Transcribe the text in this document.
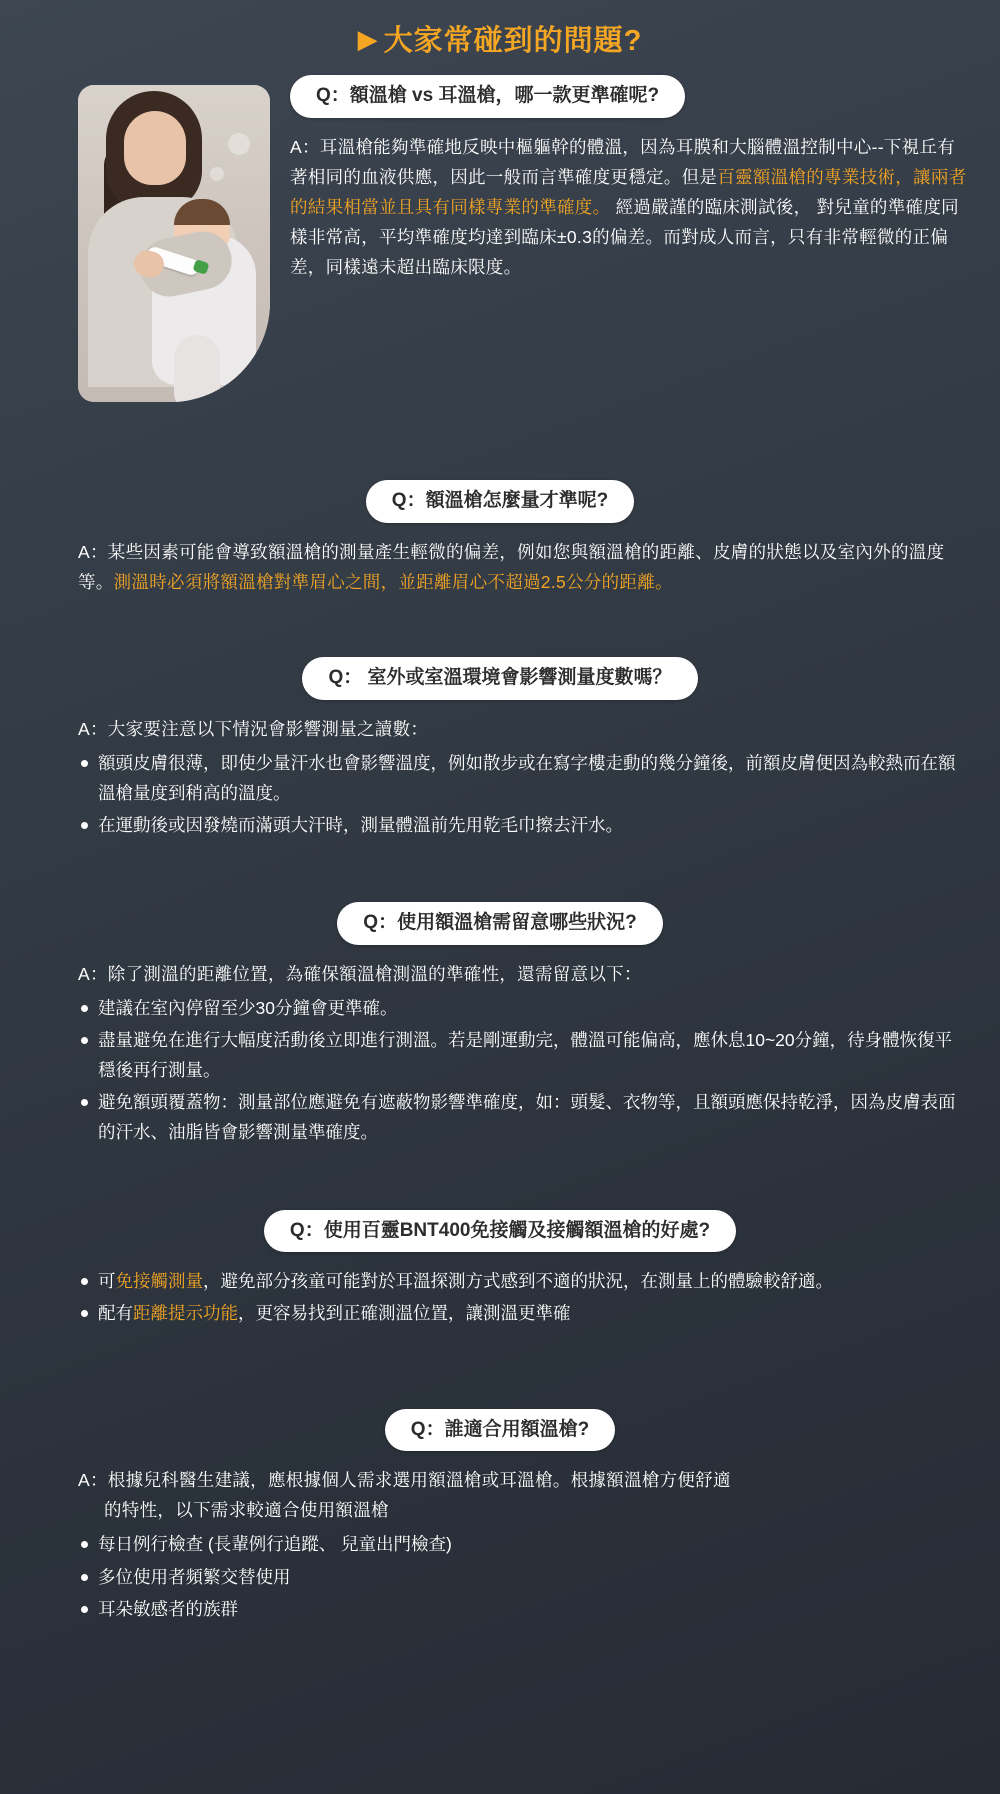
▶ 大家常碰到的問題?
Q：額溫槍 vs 耳溫槍，哪一款更準確呢?
A：耳溫槍能夠準確地反映中樞軀幹的體溫，因為耳膜和大腦體溫控制中心--下視丘有著相同的血液供應，因此一般而言準確度更穩定。但是百靈額溫槍的專業技術，讓兩者的結果相當並且具有同樣專業的準確度。 經過嚴謹的臨床測試後， 對兒童的準確度同樣非常高，平均準確度均達到臨床±0.3的偏差。而對成人而言，只有非常輕微的正偏差，同樣遠未超出臨床限度。
Q：額溫槍怎麼量才準呢?
A：某些因素可能會導致額溫槍的測量產生輕微的偏差，例如您與額溫槍的距離、皮膚的狀態以及室內外的溫度等。測溫時必須將額溫槍對準眉心之間，並距離眉心不超過2.5公分的距離。
Q： 室外或室溫環境會影響測量度數嗎？
A：大家要注意以下情況會影響測量之讀數：
額頭皮膚很薄，即使少量汗水也會影響溫度，例如散步或在寫字樓走動的幾分鐘後，前額皮膚便因為較熱而在額溫槍量度到稍高的溫度。
在運動後或因發燒而滿頭大汗時，測量體溫前先用乾毛巾擦去汗水。
Q：使用額溫槍需留意哪些狀況?
A：除了測溫的距離位置，為確保額溫槍測溫的準確性，還需留意以下：
建議在室內停留至少30分鐘會更準確。
盡量避免在進行大幅度活動後立即進行測溫。若是剛運動完，體溫可能偏高，應休息10~20分鐘，待身體恢復平穩後再行測量。
避免額頭覆蓋物：測量部位應避免有遮蔽物影響準確度，如：頭髮、衣物等，且額頭應保持乾淨，因為皮膚表面的汗水、油脂皆會影響測量準確度。
Q：使用百靈BNT400免接觸及接觸額溫槍的好處?
可免接觸測量，避免部分孩童可能對於耳溫探測方式感到不適的狀況，在測量上的體驗較舒適。
配有距離提示功能，更容易找到正確測溫位置，讓測溫更準確
Q：誰適合用額溫槍?
A：根據兒科醫生建議，應根據個人需求選用額溫槍或耳溫槍。根據額溫槍方便舒適

的特性，以下需求較適合使用額溫槍
每日例行檢查 (長輩例行追蹤、 兒童出門檢查)
多位使用者頻繁交替使用
耳朵敏感者的族群
